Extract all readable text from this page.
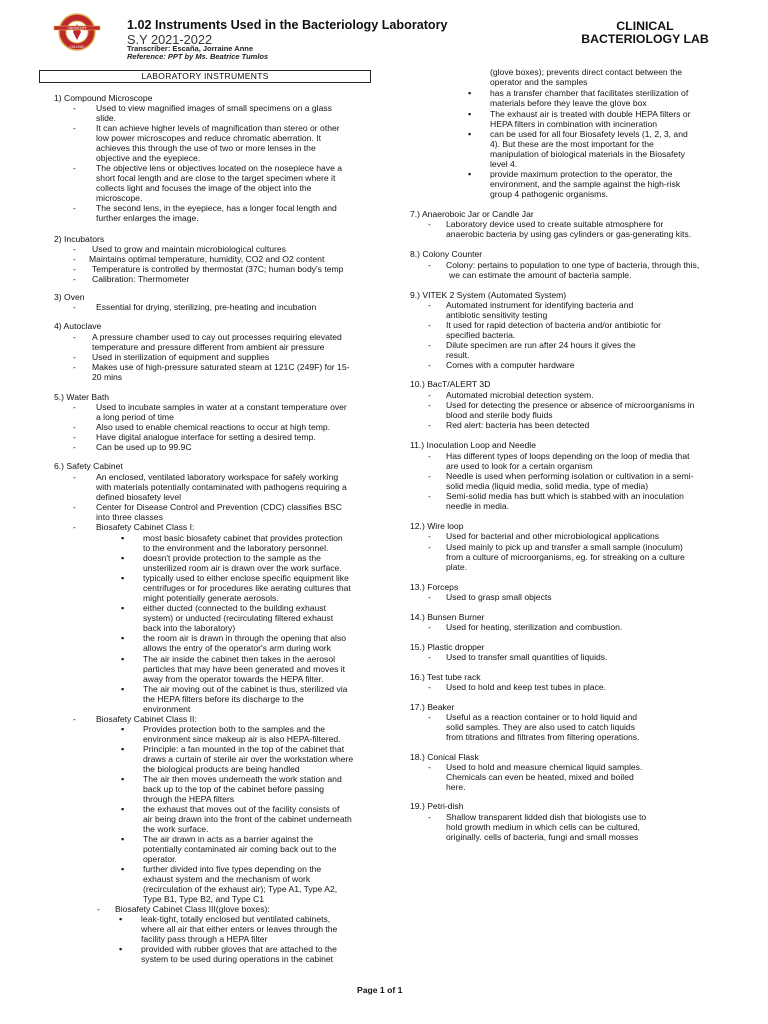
UNIVERSITY
COLLEGE
1.02 Instruments Used in the Bacteriology Laboratory
S.Y 2021-2022
Transcriber: Escaña, Jorraine Anne
Reference: PPT by Ms. Beatrice Tumlos
CLINICAL
BACTERIOLOGY LAB
LABORATORY INSTRUMENTS
Page 1 of 1
1) Compound Microscope
- Used to view magnified images of small specimens on a glass
slide.
- It can achieve higher levels of magnification than stereo or other
low power microscopes and reduce chromatic aberration. It
achieves this through the use of two or more lenses in the
objective and the eyepiece.
- The objective lens or objectives located on the nosepiece have a
short focal length and are close to the target specimen where it
collects light and focuses the image of the object into the
microscope.
- The second lens, in the eyepiece, has a longer focal length and
further enlarges the image.
2) Incubators
- Used to grow and maintain microbiological cultures
- Maintains optimal temperature, humidity, CO2 and O2 content
- Temperature is controlled by thermostat (37C; human body's temp
- Calibration: Thermometer
3) Oven
- Essential for drying, sterilizing, pre-heating and incubation
4) Autoclave
- A pressure chamber used to cay out processes requiring elevated
temperature and pressure different from ambient air pressure
- Used in sterilization of equipment and supplies
- Makes use of high-pressure saturated steam at 121C (249F) for 15-
20 mins
5.) Water Bath
- Used to incubate samples in water at a constant temperature over
a long period of time
- Also used to enable chemical reactions to occur at high temp.
- Have digital analogue interface for setting a desired temp.
- Can be used up to 99.9C
6.) Safety Cabinet
- An enclosed, ventilated laboratory workspace for safely working
with materials potentially contaminated with pathogens requiring a
defined biosafety level
- Center for Disease Control and Prevention (CDC) classifies BSC
into three classes
- Biosafety Cabinet Class I:
▪ most basic biosafety cabinet that provides protection
to the environment and the laboratory personnel.
▪ doesn't provide protection to the sample as the
unsterilized room air is drawn over the work surface.
▪ typically used to either enclose specific equipment like
centrifuges or for procedures like aerating cultures that
might potentially generate aerosols.
▪ either ducted (connected to the building exhaust
system) or unducted (recirculating filtered exhaust
back into the laboratory)
▪ the room air is drawn in through the opening that also
allows the entry of the operator's arm during work
▪ The air inside the cabinet then takes in the aerosol
particles that may have been generated and moves it
away from the operator towards the HEPA filter.
▪ The air moving out of the cabinet is thus, sterilized via
the HEPA filters before its discharge to the
environment
- Biosafety Cabinet Class II:
▪ Provides protection both to the samples and the
environment since makeup air is also HEPA-filtered.
▪ Principle: a fan mounted in the top of the cabinet that
draws a curtain of sterile air over the workstation where
the biological products are being handled
▪ The air then moves underneath the work station and
back up to the top of the cabinet before passing
through the HEPA filters
▪ the exhaust that moves out of the facility consists of
air being drawn into the front of the cabinet underneath
the work surface.
▪ The air drawn in acts as a barrier against the
potentially contaminated air coming back out to the
operator.
▪ further divided into five types depending on the
exhaust system and the mechanism of work
(recirculation of the exhaust air); Type A1, Type A2,
Type B1, Type B2, and Type C1
- Biosafety Cabinet Class III(glove boxes):
▪ leak-tight, totally enclosed but ventilated cabinets,
where all air that either enters or leaves through the
facility pass through a HEPA filter
▪ provided with rubber gloves that are attached to the
system to be used during operations in the cabinet
(glove boxes); prevents direct contact between the
operator and the samples
▪ has a transfer chamber that facilitates sterilization of
materials before they leave the glove box
▪ The exhaust air is treated with double HEPA filters or
HEPA filters in combination with incineration
▪ can be used for all four Biosafety levels (1, 2, 3, and
4). But these are the most important for the
manipulation of biological materials in the Biosafety
level 4.
▪ provide maximum protection to the operator, the
environment, and the sample against the high-risk
group 4 pathogenic organisms.
7.) Anaeroboic Jar or Candle Jar
- Laboratory device used to create suitable atmosphere for
anaerobic bacteria by using gas cylinders or gas-generating kits.
8.) Colony Counter
- Colony: pertains to population to one type of bacteria, through this,
we can estimate the amount of bacteria sample.
9.) VITEK 2 System (Automated System)
- Automated instrument for identifying bacteria and
antibiotic sensitivity testing
- It used for rapid detection of bacteria and/or antibiotic for
specified bacteria.
- Dilute specimen are run after 24 hours it gives the
result.
- Comes with a computer hardware
10.) BacT/ALERT 3D
- Automated microbial detection system.
- Used for detecting the presence or absence of microorganisms in
blood and sterile body fluids
- Red alert: bacteria has been detected
11.) Inoculation Loop and Needle
- Has different types of loops depending on the loop of media that
are used to look for a certain organism
- Needle is used when performing isolation or cultivation in a semi-
solid media (liquid media, solid media, type of media)
- Semi-solid media has butt which is stabbed with an inoculation
needle in media.
12.) Wire loop
- Used for bacterial and other microbiological applications
- Used mainly to pick up and transfer a small sample (inoculum)
from a culture of microorganisms, eg. for streaking on a culture
plate.
13.) Forceps
- Used to grasp small objects
14.) Bunsen Burner
- Used for heating, sterilization and combustion.
15.) Plastic dropper
- Used to transfer small quantities of liquids.
16.) Test tube rack
- Used to hold and keep test tubes in place.
17.) Beaker
- Useful as a reaction container or to hold liquid and
solid samples. They are also used to catch liquids
from titrations and filtrates from filtering operations.
18.) Conical Flask
- Used to hold and measure chemical liquid samples.
Chemicals can even be heated, mixed and boiled
here.
19.) Petri-dish
- Shallow transparent lidded dish that biologists use to
hold growth medium in which cells can be cultured,
originally. cells of bacteria, fungi and small mosses
